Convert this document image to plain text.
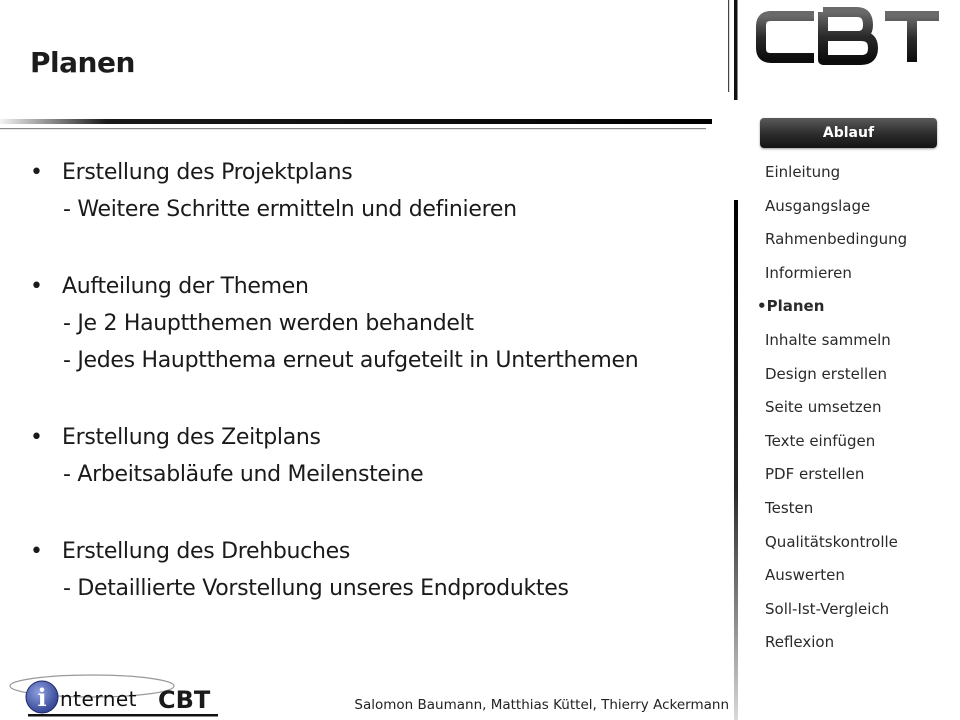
Planen
CBT
• Erstellung des Projektplans
- Weitere Schritte ermitteln und definieren
• Aufteilung der Themen
- Je 2 Hauptthemen werden behandelt
- Jedes Hauptthema erneut aufgeteilt in Unterthemen
• Erstellung des Zeitplans
- Arbeitsabläufe und Meilensteine
• Erstellung des Drehbuches
- Detaillierte Vorstellung unseres Endproduktes
Ablauf
Einleitung
Ausgangslage
Rahmenbedingung
Informieren
•Planen
Inhalte sammeln
Design erstellen
Seite umsetzen
Texte einfügen
PDF erstellen
Testen
Qualitätskontrolle
Auswerten
Soll-Ist-Vergleich
Reflexion
i nternet CBT
internet CBT
Salomon Baumann, Matthias Küttel, Thierry Ackermann
